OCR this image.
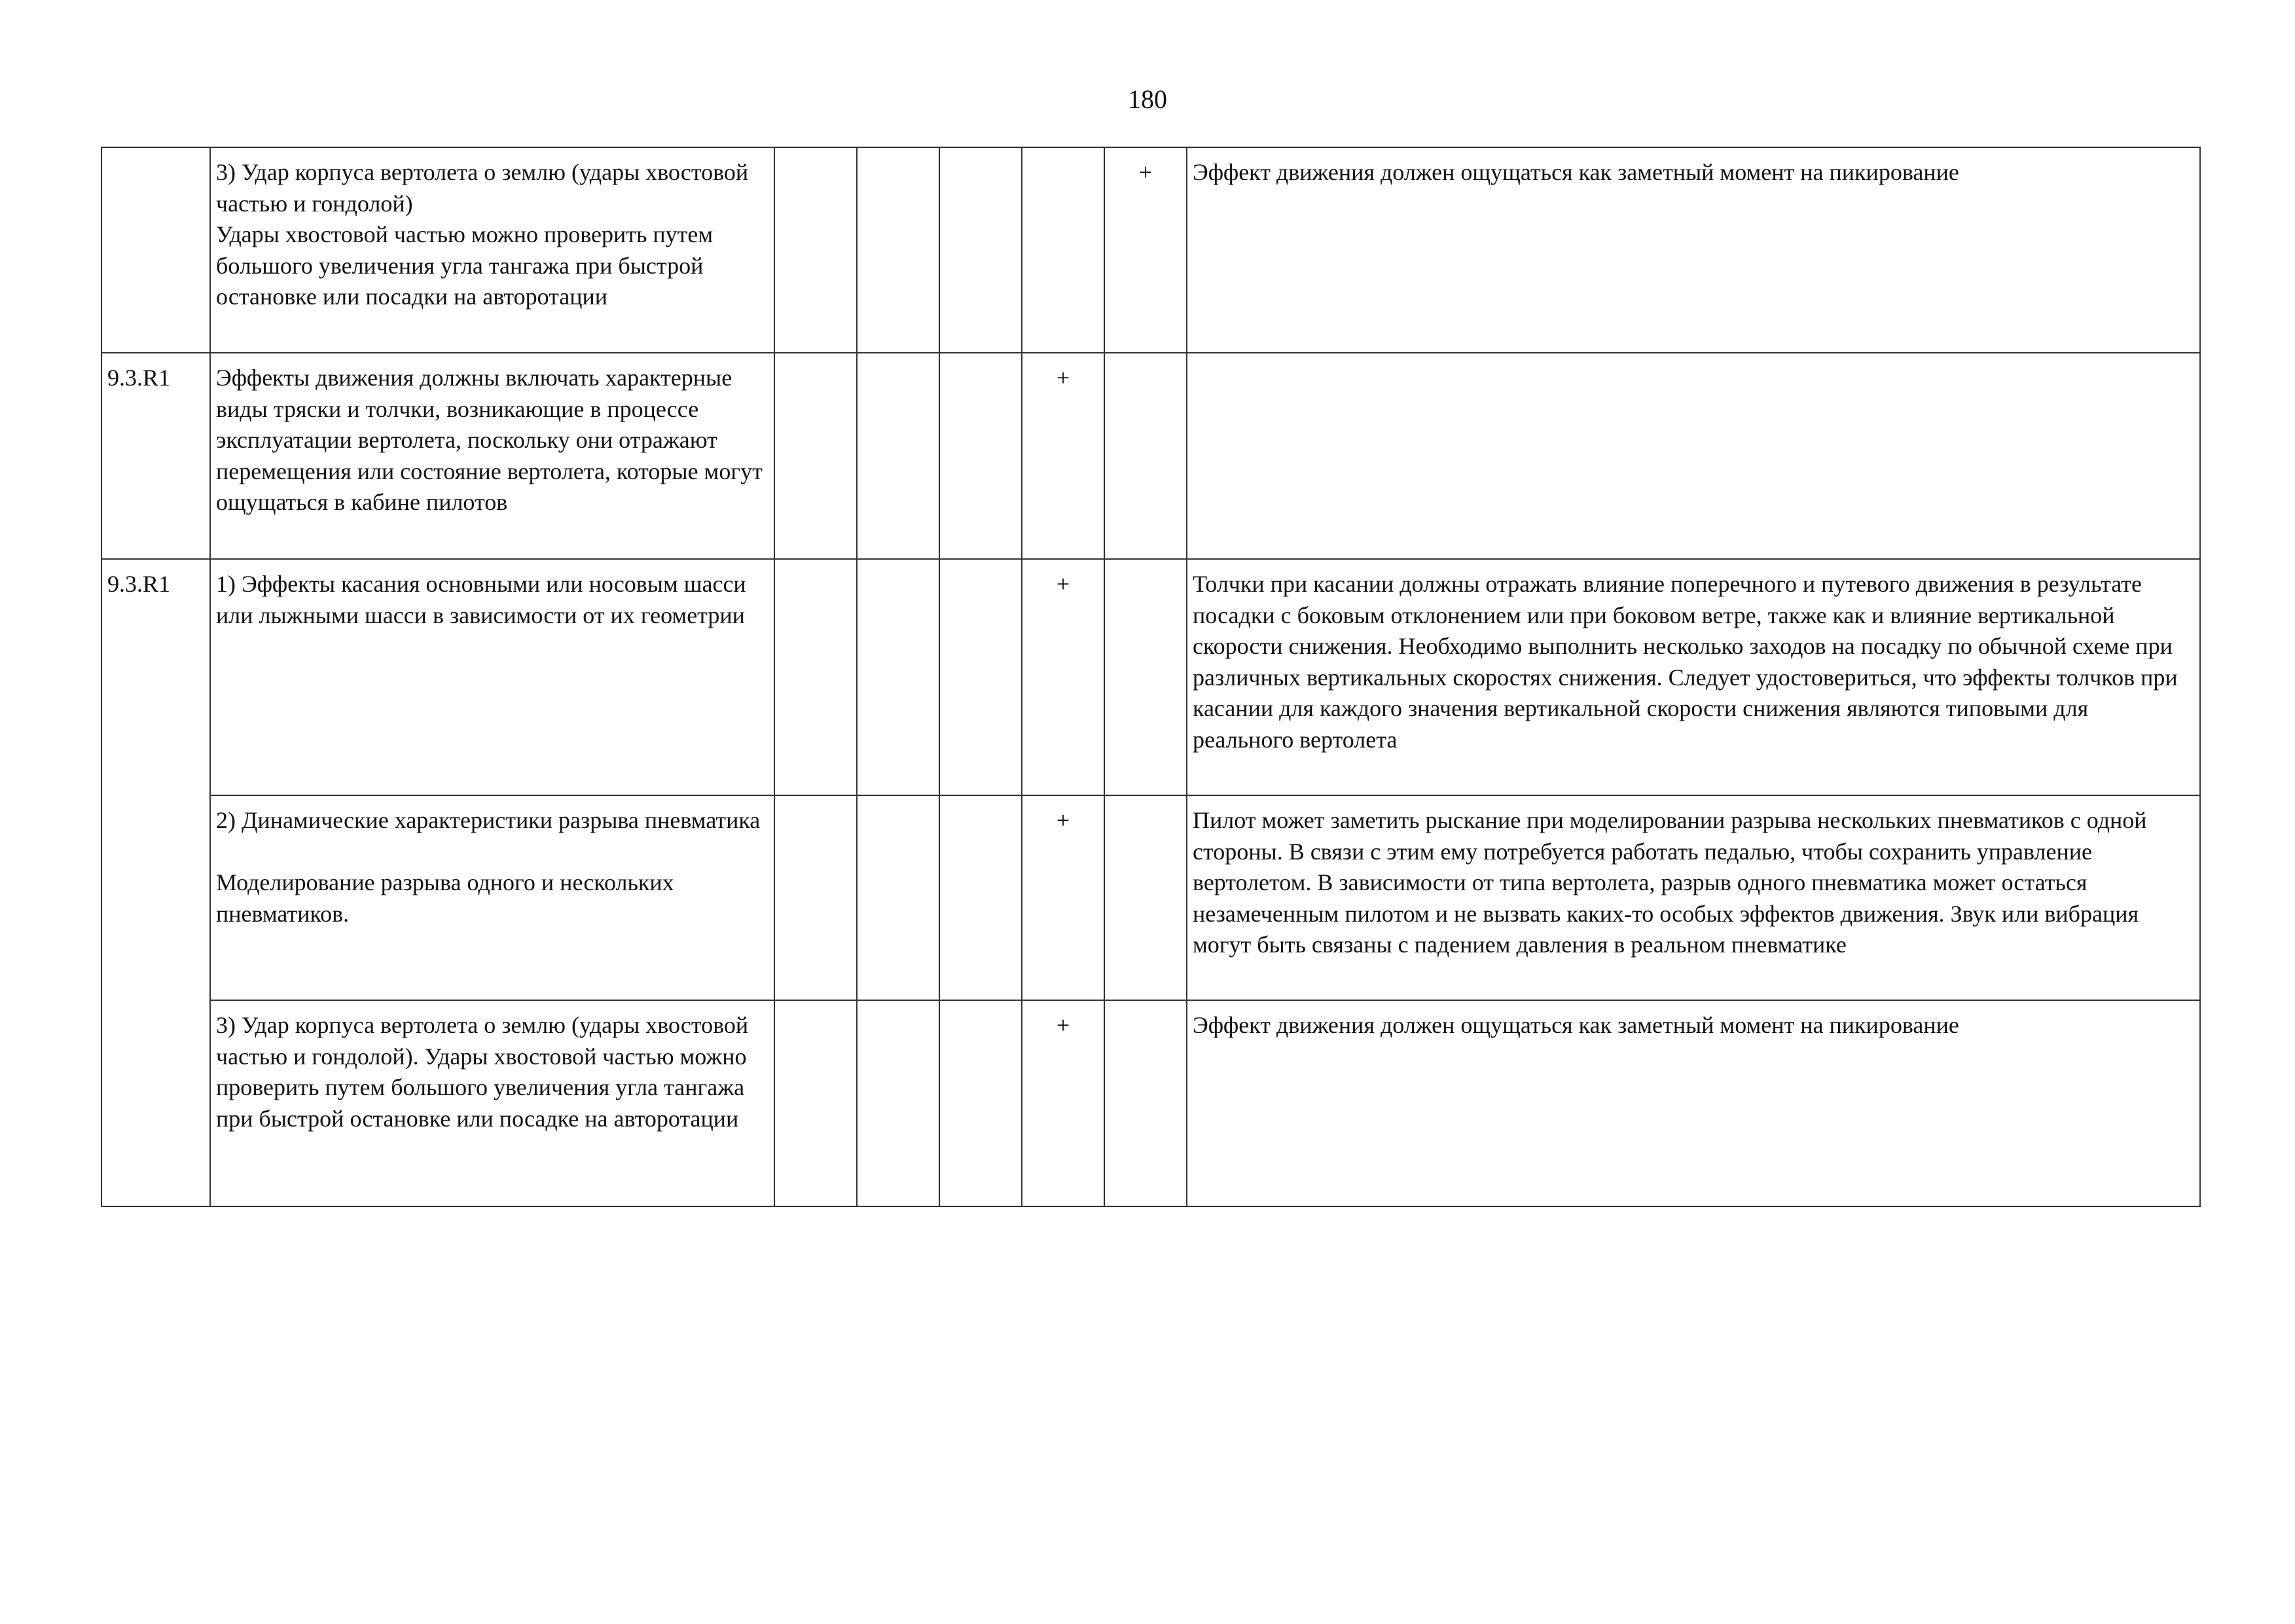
180

	3) Удар корпуса вертолета о землю (удары хвостовой частью и гондолой)
Удары хвостовой частью можно проверить путем большого увеличения угла тангажа при быстрой остановке или посадки на авторотации					+	Эффект движения должен ощущаться как заметный момент на пикирование
9.3.R1	Эффекты движения должны включать характерные виды тряски и толчки, возникающие в процессе эксплуатации вертолета, поскольку они отражают перемещения или состояние вертолета, которые могут ощущаться в кабине пилотов				+		
9.3.R1	1) Эффекты касания основными или носовым шасси или лыжными шасси в зависимости от их геометрии				+		Толчки при касании должны отражать влияние поперечного и путевого движения в результате посадки с боковым отклонением или при боковом ветре, также как и влияние вертикальной скорости снижения. Необходимо выполнить несколько заходов на посадку по обычной схеме при различных вертикальных скоростях снижения. Следует удостовериться, что эффекты толчков при касании для каждого значения вертикальной скорости снижения являются типовыми для реального вертолета

	2) Динамические характеристики разрыва пневматика
Моделирование разрыва одного и нескольких пневматиков.				+		Пилот может заметить рыскание при моделировании разрыва нескольких пневматиков с одной стороны. В связи с этим ему потребуется работать педалью, чтобы сохранить управление вертолетом. В зависимости от типа вертолета, разрыв одного пневматика может остаться незамеченным пилотом и не вызвать каких-то особых эффектов движения. Звук или вибрация могут быть связаны с падением давления в реальном пневматике

	3) Удар корпуса вертолета о землю (удары хвостовой частью и гондолой). Удары хвостовой частью можно проверить путем большого увеличения угла тангажа при быстрой остановке или посадке на авторотации				+		Эффект движения должен ощущаться как заметный момент на пикирование
